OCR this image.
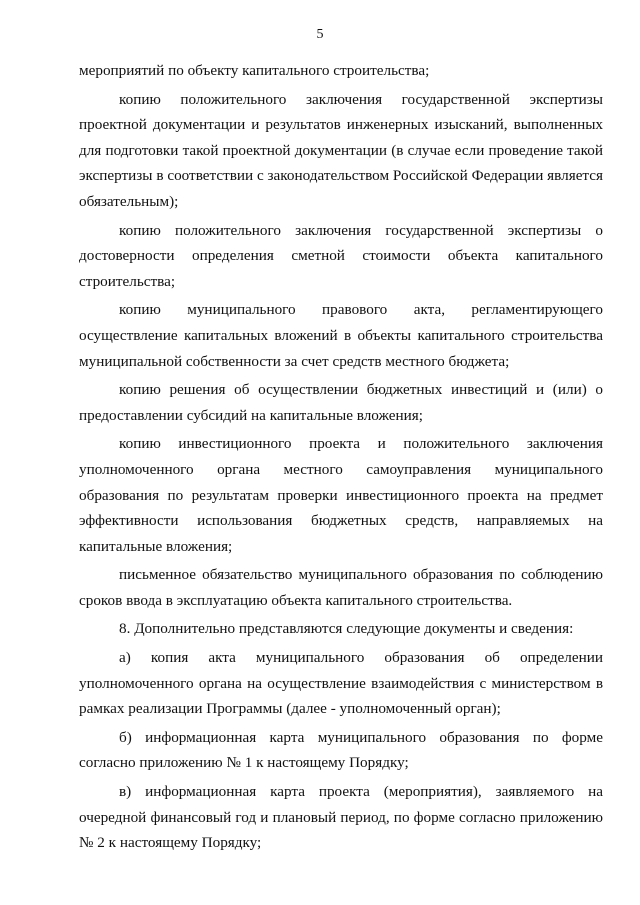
5

мероприятий по объекту капитального строительства;

копию положительного заключения государственной экспертизы проектной документации и результатов инженерных изысканий, выполненных для подготовки такой проектной документации (в случае если проведение такой экспертизы в соответствии с законодательством Российской Федерации является обязательным);

копию положительного заключения государственной экспертизы о достоверности определения сметной стоимости объекта капитального строительства;

копию муниципального правового акта, регламентирующего осуществление капитальных вложений в объекты капитального строительства муниципальной собственности за счет средств местного бюджета;

копию решения об осуществлении бюджетных инвестиций и (или) о предоставлении субсидий на капитальные вложения;

копию инвестиционного проекта и положительного заключения уполномоченного органа местного самоуправления муниципального образования по результатам проверки инвестиционного проекта на предмет эффективности использования бюджетных средств, направляемых на капитальные вложения;

письменное обязательство муниципального образования по соблюдению сроков ввода в эксплуатацию объекта капитального строительства.

8. Дополнительно представляются следующие документы и сведения:

а) копия акта муниципального образования об определении уполномоченного органа на осуществление взаимодействия с министерством в рамках реализации Программы (далее - уполномоченный орган);

б) информационная карта муниципального образования по форме согласно приложению № 1 к настоящему Порядку;

в) информационная карта проекта (мероприятия), заявляемого на очередной финансовый год и плановый период, по форме согласно приложению № 2 к настоящему Порядку;
